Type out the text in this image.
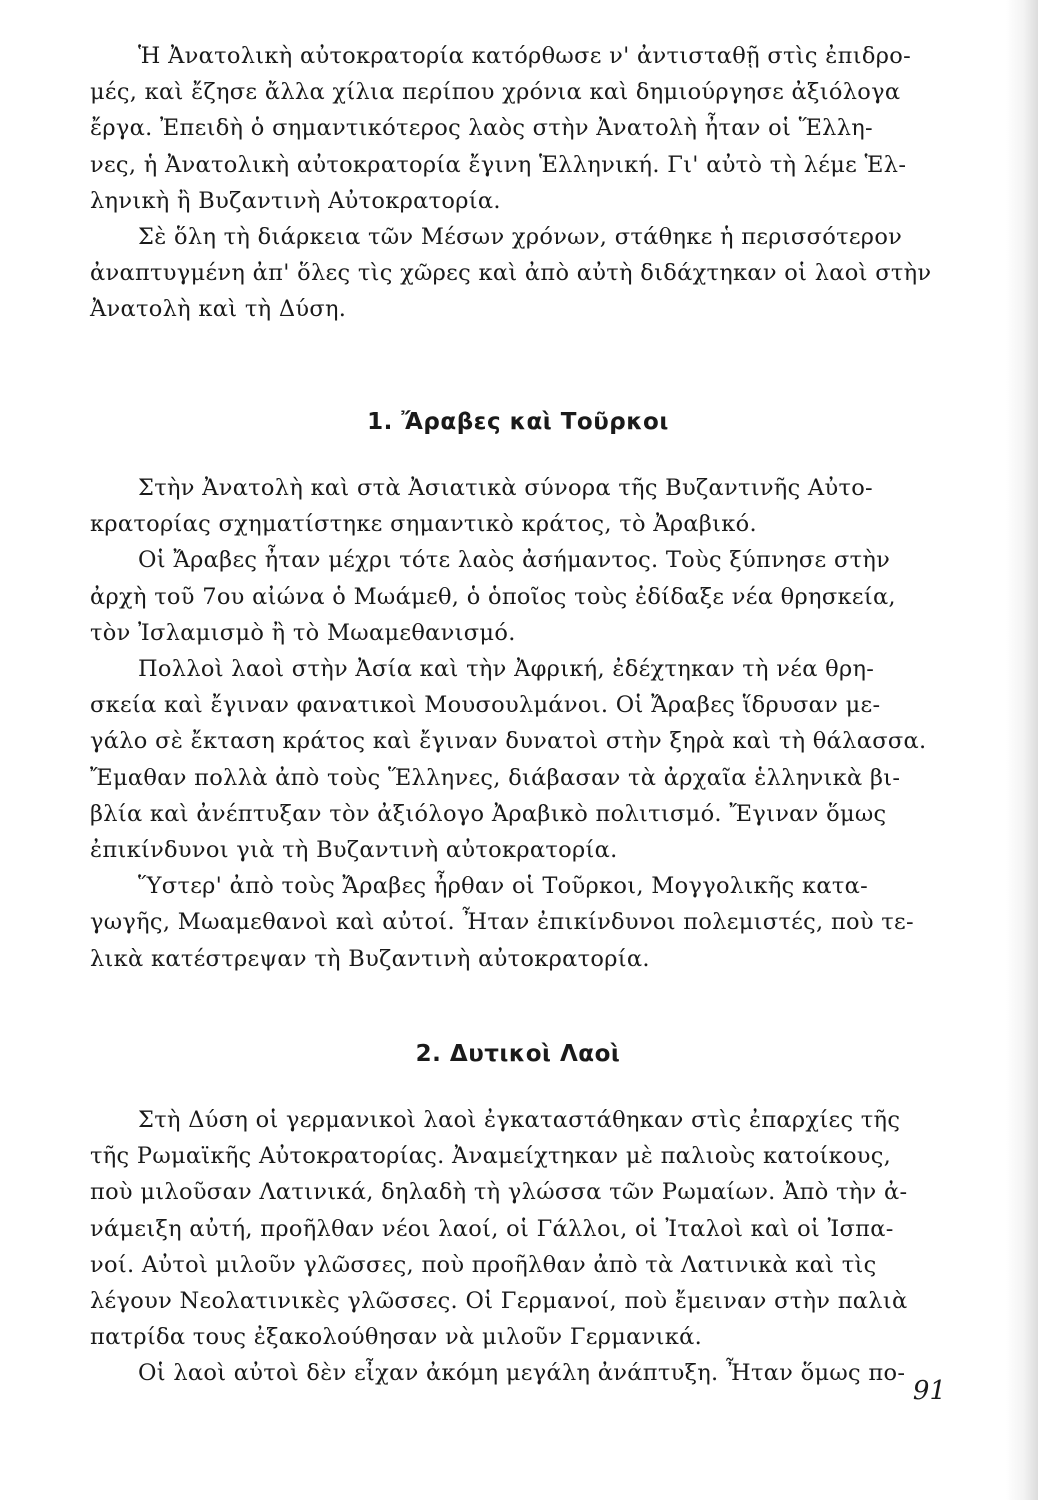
Ἡ Ἀνατολικὴ αὐτοκρατορία κατόρθωσε ν' ἀντισταθῇ στὶς ἐπιδρο-
μές, καὶ ἔζησε ἄλλα χίλια περίπου χρόνια καὶ δημιούργησε ἀξιόλογα
ἔργα. Ἐπειδὴ ὁ σημαντικότερος λαὸς στὴν Ἀνατολὴ ἦταν οἱ Ἕλλη-
νες, ἡ Ἀνατολικὴ αὐτοκρατορία ἔγινη Ἑλληνική. Γι' αὐτὸ τὴ λέμε Ἑλ-
ληνικὴ ἢ Βυζαντινὴ Αὐτοκρατορία.
Σὲ ὅλη τὴ διάρκεια τῶν Μέσων χρόνων, στάθηκε ἡ περισσότερον
ἀναπτυγμένη ἀπ' ὅλες τὶς χῶρες καὶ ἀπὸ αὐτὴ διδάχτηκαν οἱ λαοὶ στὴν
Ἀνατολὴ καὶ τὴ Δύση.

1. Ἄραβες καὶ Τοῦρκοι

Στὴν Ἀνατολὴ καὶ στὰ Ἀσιατικὰ σύνορα τῆς Βυζαντινῆς Αὐτο-
κρατορίας σχηματίστηκε σημαντικὸ κράτος, τὸ Ἀραβικό.
Οἱ Ἄραβες ἦταν μέχρι τότε λαὸς ἀσήμαντος. Τοὺς ξύπνησε στὴν
ἀρχὴ τοῦ 7ου αἰώνα ὁ Μωάμεθ, ὁ ὁποῖος τοὺς ἐδίδαξε νέα θρησκεία,
τὸν Ἰσλαμισμὸ ἢ τὸ Μωαμεθανισμό.
Πολλοὶ λαοὶ στὴν Ἀσία καὶ τὴν Ἀφρική, ἐδέχτηκαν τὴ νέα θρη-
σκεία καὶ ἔγιναν φανατικοὶ Μουσουλμάνοι. Οἱ Ἄραβες ἵδρυσαν με-
γάλο σὲ ἔκταση κράτος καὶ ἔγιναν δυνατοὶ στὴν ξηρὰ καὶ τὴ θάλασσα.
Ἔμαθαν πολλὰ ἀπὸ τοὺς Ἕλληνες, διάβασαν τὰ ἀρχαῖα ἑλληνικὰ βι-
βλία καὶ ἀνέπτυξαν τὸν ἀξιόλογο Ἀραβικὸ πολιτισμό. Ἔγιναν ὅμως
ἐπικίνδυνοι γιὰ τὴ Βυζαντινὴ αὐτοκρατορία.
Ὕστερ' ἀπὸ τοὺς Ἄραβες ἦρθαν οἱ Τοῦρκοι, Μογγολικῆς κατα-
γωγῆς, Μωαμεθανοὶ καὶ αὐτοί. Ἦταν ἐπικίνδυνοι πολεμιστές, ποὺ τε-
λικὰ κατέστρεψαν τὴ Βυζαντινὴ αὐτοκρατορία.

2. Δυτικοὶ Λαοὶ

Στὴ Δύση οἱ γερμανικοὶ λαοὶ ἐγκαταστάθηκαν στὶς ἐπαρχίες τῆς
τῆς Ρωμαϊκῆς Αὐτοκρατορίας. Ἀναμείχτηκαν μὲ παλιοὺς κατοίκους,
ποὺ μιλοῦσαν Λατινικά, δηλαδὴ τὴ γλώσσα τῶν Ρωμαίων. Ἀπὸ τὴν ἀ-
νάμειξη αὐτή, προῆλθαν νέοι λαοί, οἱ Γάλλοι, οἱ Ἰταλοὶ καὶ οἱ Ἰσπα-
νοί. Αὐτοὶ μιλοῦν γλῶσσες, ποὺ προῆλθαν ἀπὸ τὰ Λατινικὰ καὶ τὶς
λέγουν Νεολατινικὲς γλῶσσες. Οἱ Γερμανοί, ποὺ ἔμειναν στὴν παλιὰ
πατρίδα τους ἐξακολούθησαν νὰ μιλοῦν Γερμανικά.
Οἱ λαοὶ αὐτοὶ δὲν εἶχαν ἀκόμη μεγάλη ἀνάπτυξη. Ἦταν ὅμως πο-

91
